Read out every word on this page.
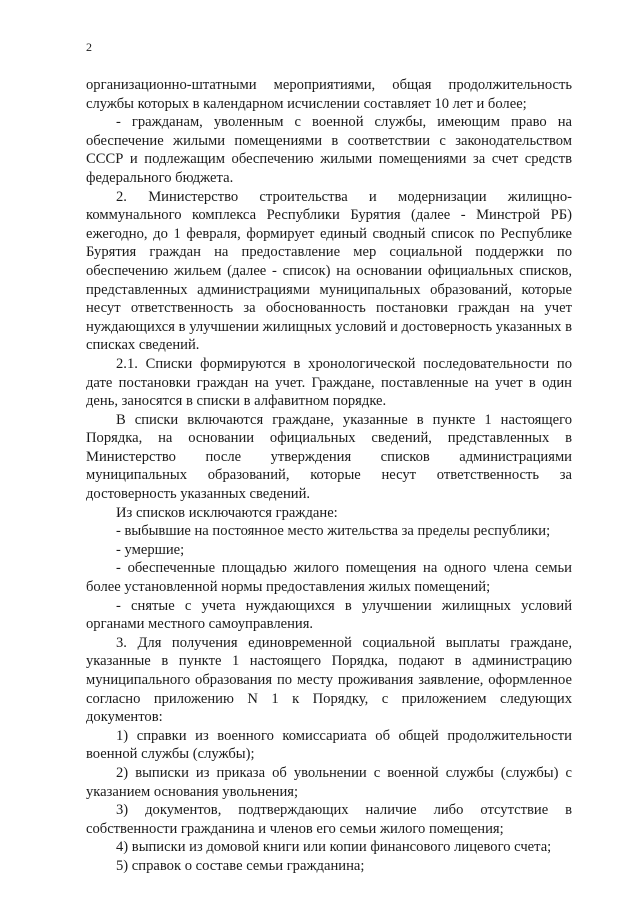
2

организационно-штатными мероприятиями, общая продолжительность службы которых в календарном исчислении составляет 10 лет и более;

- гражданам, уволенным с военной службы, имеющим право на обеспечение жилыми помещениями в соответствии с законодательством СССР и подлежащим обеспечению жилыми помещениями за счет средств федерального бюджета.

2. Министерство строительства и модернизации жилищно-коммунального комплекса Республики Бурятия (далее - Минстрой РБ) ежегодно, до 1 февраля, формирует единый сводный список по Республике Бурятия граждан на предоставление мер социальной поддержки по обеспечению жильем (далее - список) на основании официальных списков, представленных администрациями муниципальных образований, которые несут ответственность за обоснованность постановки граждан на учет нуждающихся в улучшении жилищных условий и достоверность указанных в списках сведений.

2.1. Списки формируются в хронологической последовательности по дате постановки граждан на учет. Граждане, поставленные на учет в один день, заносятся в списки в алфавитном порядке.

В списки включаются граждане, указанные в пункте 1 настоящего Порядка, на основании официальных сведений, представленных в Министерство после утверждения списков администрациями муниципальных образований, которые несут ответственность за достоверность указанных сведений.

Из списков исключаются граждане:

- выбывшие на постоянное место жительства за пределы республики;

- умершие;

- обеспеченные площадью жилого помещения на одного члена семьи более установленной нормы предоставления жилых помещений;

- снятые с учета нуждающихся в улучшении жилищных условий органами местного самоуправления.

3. Для получения единовременной социальной выплаты граждане, указанные в пункте 1 настоящего Порядка, подают в администрацию муниципального образования по месту проживания заявление, оформленное согласно приложению N 1 к Порядку, с приложением следующих документов:

1) справки из военного комиссариата об общей продолжительности военной службы (службы);

2) выписки из приказа об увольнении с военной службы (службы) с указанием основания увольнения;

3) документов, подтверждающих наличие либо отсутствие в собственности гражданина и членов его семьи жилого помещения;

4) выписки из домовой книги или копии финансового лицевого счета;

5) справок о составе семьи гражданина;
